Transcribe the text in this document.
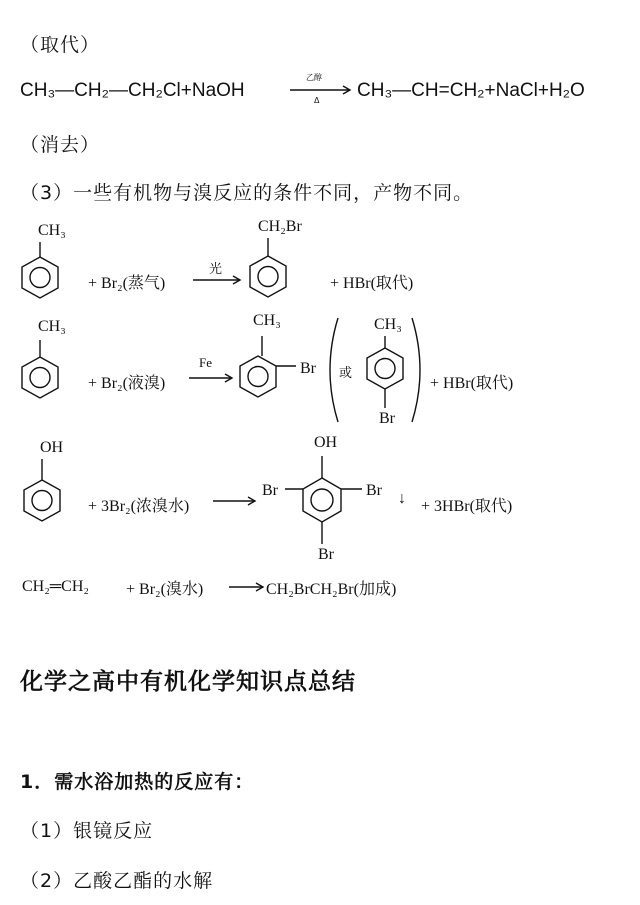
（取代）
CH₃—CH₂—CH₂Cl+NaOH
乙醇
Δ CH₃—CH=CH₂+NaCl+H₂O
（消去）
（3）一些有机物与溴反应的条件不同，产物不同。
CH₃
+ Br₂(蒸气)
光
CH₂Br
+ HBr(取代)
CH₃
+ Br₂(液溴)
Fe
CH₃
Br 或
CH₃
Br
+ HBr(取代)
OH
+ 3Br₂(浓溴水)
OH
Br	Br
Br
↓ + 3HBr(取代)
CH₂═CH₂ + Br₂(溴水)	CH₂BrCH₂Br(加成)
化学之高中有机化学知识点总结
1．需水浴加热的反应有：
（1）银镜反应
（2）乙酸乙酯的水解
